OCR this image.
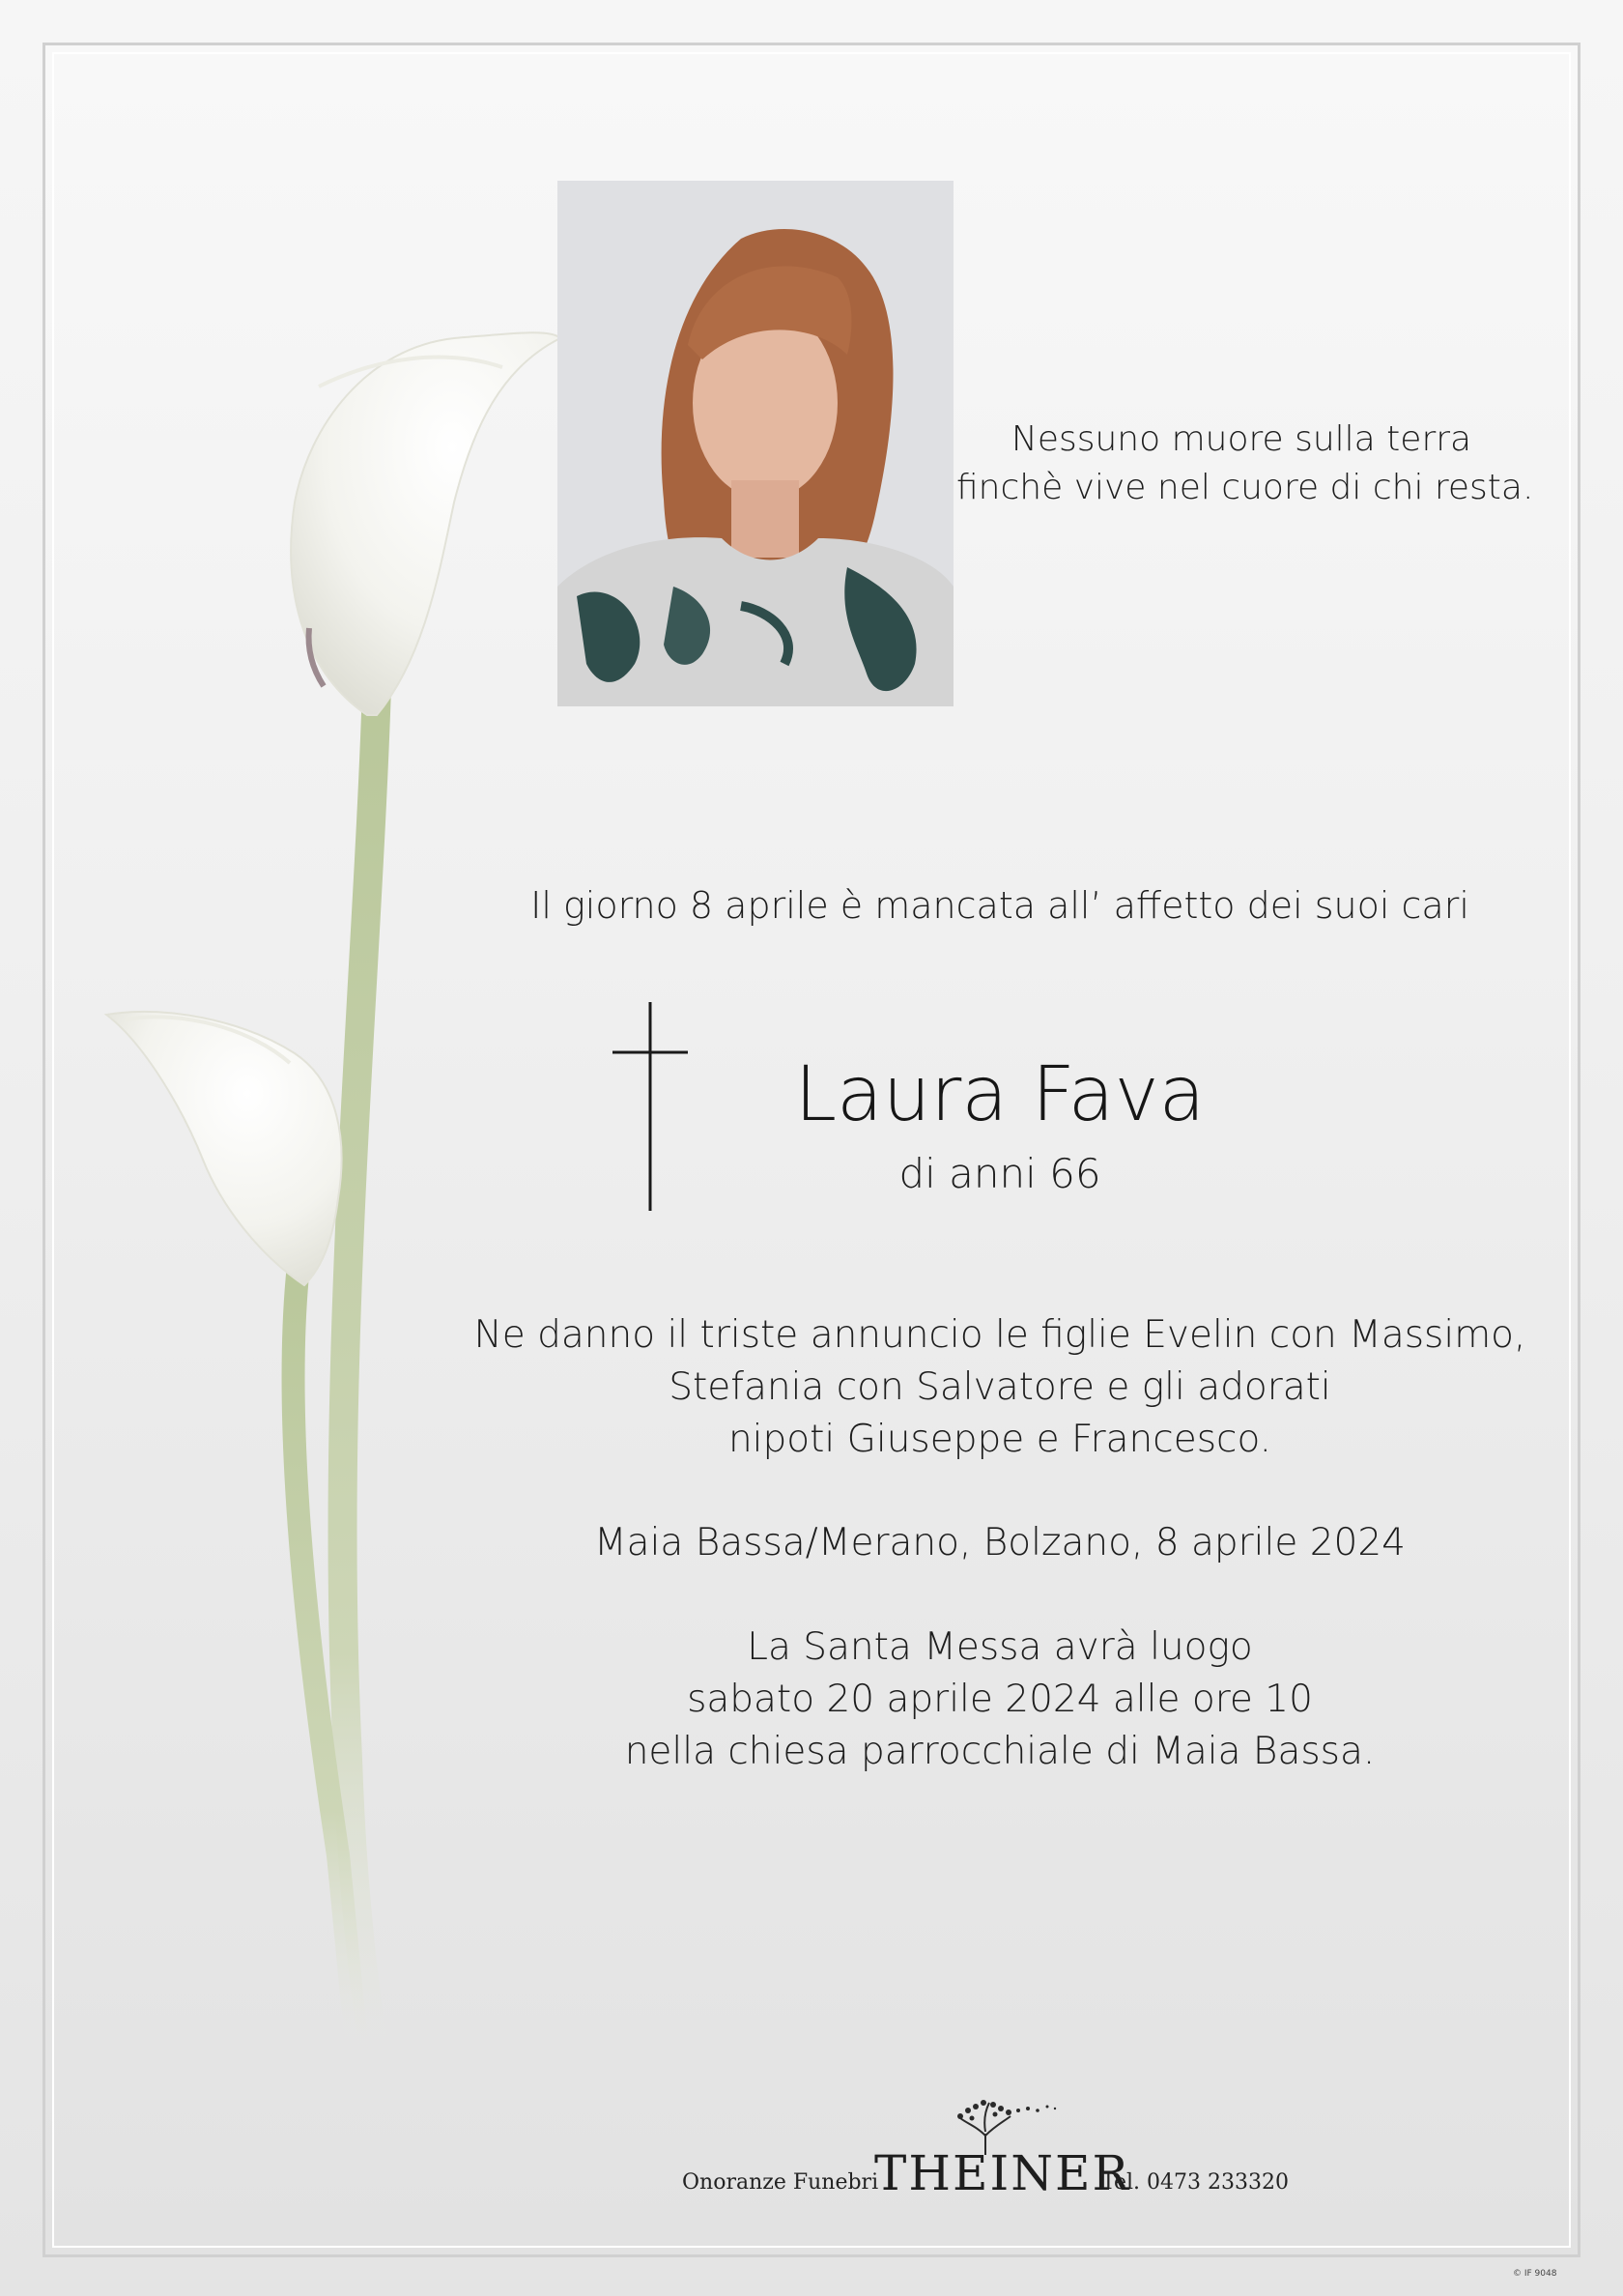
Nessuno muore sulla terra
finchè vive nel cuore di chi resta.
Il giorno 8 aprile è mancata all’ affetto dei suoi cari
Laura Fava
di anni 66
Ne danno il triste annuncio le figlie Evelin con Massimo,
Stefania con Salvatore e gli adorati
nipoti Giuseppe e Francesco.
Maia Bassa/Merano, Bolzano, 8 aprile 2024
La Santa Messa avrà luogo
sabato 20 aprile 2024 alle ore 10
nella chiesa parrocchiale di Maia Bassa.
Onoranze Funebri
THEINER
Tel. 0473 233320
© IF 9048
